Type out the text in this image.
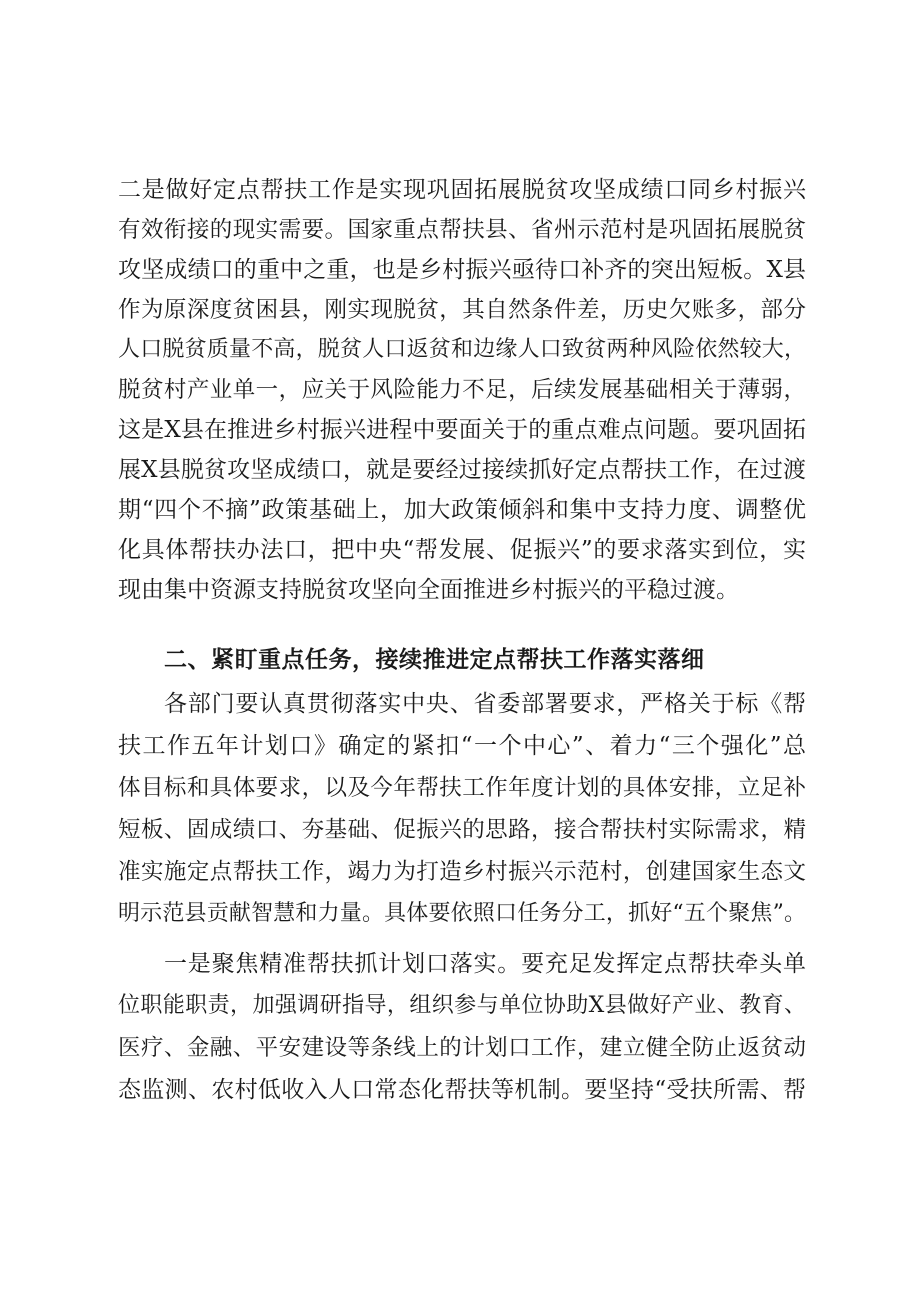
二是做好定点帮扶工作是实现巩固拓展脱贫攻坚成绩口同乡村振兴
有效衔接的现实需要。国家重点帮扶县、省州示范村是巩固拓展脱贫
攻坚成绩口的重中之重，也是乡村振兴亟待口补齐的突出短板。X县
作为原深度贫困县，刚实现脱贫，其自然条件差，历史欠账多，部分
人口脱贫质量不高，脱贫人口返贫和边缘人口致贫两种风险依然较大，
脱贫村产业单一，应关于风险能力不足，后续发展基础相关于薄弱，
这是X县在推进乡村振兴进程中要面关于的重点难点问题。要巩固拓
展X县脱贫攻坚成绩口，就是要经过接续抓好定点帮扶工作，在过渡
期“四个不摘”政策基础上，加大政策倾斜和集中支持力度、调整优
化具体帮扶办法口，把中央“帮发展、促振兴”的要求落实到位，实
现由集中资源支持脱贫攻坚向全面推进乡村振兴的平稳过渡。
二、紧盯重点任务，接续推进定点帮扶工作落实落细
各部门要认真贯彻落实中央、省委部署要求，严格关于标《帮
扶工作五年计划口》确定的紧扣“一个中心”、着力“三个强化”总
体目标和具体要求，以及今年帮扶工作年度计划的具体安排，立足补
短板、固成绩口、夯基础、促振兴的思路，接合帮扶村实际需求，精
准实施定点帮扶工作，竭力为打造乡村振兴示范村，创建国家生态文
明示范县贡献智慧和力量。具体要依照口任务分工，抓好“五个聚焦”。
一是聚焦精准帮扶抓计划口落实。要充足发挥定点帮扶牵头单
位职能职责，加强调研指导，组织参与单位协助X县做好产业、教育、
医疗、金融、平安建设等条线上的计划口工作，建立健全防止返贫动
态监测、农村低收入人口常态化帮扶等机制。要坚持“受扶所需、帮
